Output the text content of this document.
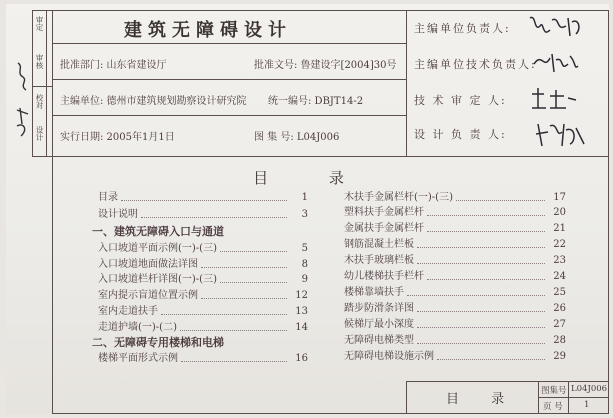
审定
审核
校对
设计
建筑无障碍设计
批准部门: 山东省建设厅	批准文号: 鲁建设字[2004]30号
主编单位: 德州市建筑规划勘察设计研究院 统一编号: DBJT14-2
实行日期: 2005年1月1日	图 集 号: L04J006
主编单位负责人:
主编单位技术负责人:
技 术 审 定 人:
设 计 负 责 人:
目 录
目录	1
设计说明	3
一、建筑无障碍入口与通道
入口坡道平面示例(一)-(三)	5
入口坡道地面做法详图	8
入口坡道栏杆详图(一)-(三)	9
室内提示盲道位置示例	12
室内走道扶手	13
走道护墙(一)-(二)	14
二、无障碍专用楼梯和电梯
楼梯平面形式示例	16
木扶手金属栏杆(一)-(三)	17
塑料扶手金属栏杆	20
金属扶手金属栏杆	21
钢筋混凝土栏板	22
木扶手玻璃栏板	23
幼儿楼梯扶手栏杆	24
楼梯靠墙扶手	25
踏步防滑条详图	26
候梯厅最小深度	27
无障碍电梯类型	28
无障碍电梯设施示例	29
目 录
图集号 L04J006
页 号	1
